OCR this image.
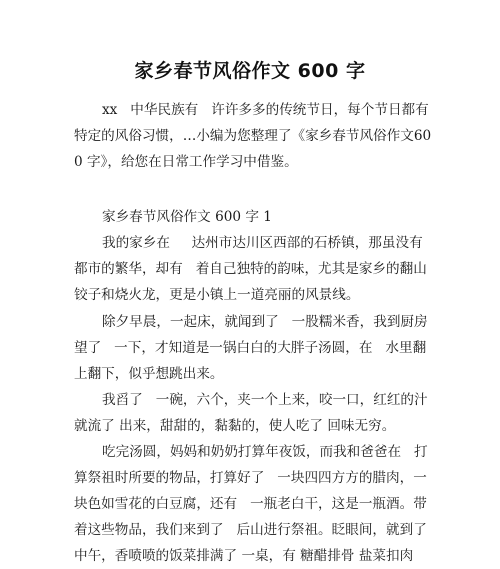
家乡春节风俗作文 600 字

xx   中华民族有   许许多多的传统节日，每个节日都有特定的风俗习惯，…小编为您整理了《家乡春节风俗作文600 字》，给您在日常工作学习中借鉴。

家乡春节风俗作文 600 字 1

我的家乡在     达州市达川区西部的石桥镇，那虽没有都市的繁华，却有   着自己独特的韵味，尤其是家乡的翻山铰子和烧火龙，更是小镇上一道亮丽的风景线。

除夕早晨，一起床，就闻到了   一股糯米香，我到厨房望了   一下，才知道是一锅白白的大胖子汤圆，在   水里翻上翻下，似乎想跳出来。

我舀了   一碗，六个，夹一个上来，咬一口，红红的汁就流了 出来，甜甜的，黏黏的，使人吃了 回味无穷。

吃完汤圆，妈妈和奶奶打算年夜饭，而我和爸爸在   打算祭祖时所要的物品，打算好了   一块四四方方的腊肉，一块色如雪花的白豆腐，还有   一瓶老白干，这是一瓶酒。带着这些物品，我们来到了   后山进行祭祖。眨眼间，就到了中午，香喷喷的饭菜排满了 一桌，有 糖醋排骨 盐菜扣肉
